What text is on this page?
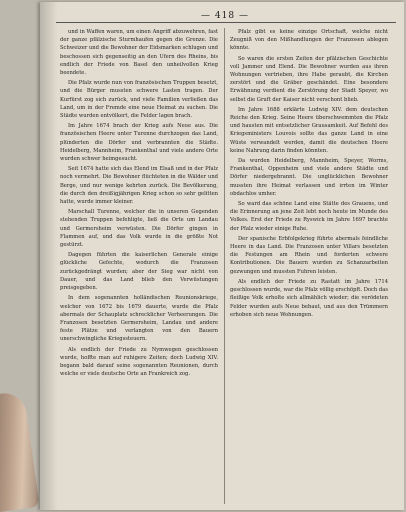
— 418 —

und in Waffen waren, um einen Angriff abzuwehren, fast der ganze pfälzische Sturmhaufen gegen die Grenze. Die Schweizer und die Bewohner der Eidsmarken schlugen und beschossen sich gegenseitig an den Ufern des Rheins, bis endlich der Friede von Basel den unheilvollen Krieg beendete.

Die Pfalz wurde nun von französischen Truppen besetzt, und die Bürger mussten schwere Lasten tragen. Der Kurfürst zog sich zurück, und viele Familien verließen das Land, um in der Fremde eine neue Heimat zu suchen. Die Städte wurden entvölkert, die Felder lagen brach.

Im Jahre 1674 brach der Krieg aufs Neue aus. Die französischen Heere unter Turenne durchzogen das Land, plünderten die Dörfer und verbrannten die Städte. Heidelberg, Mannheim, Frankenthal und viele andere Orte wurden schwer heimgesucht.

Seit 1674 hatte sich das Elend im Elsaß und in der Pfalz noch vermehrt. Die Bewohner flüchteten in die Wälder und Berge, und nur wenige kehrten zurück. Die Bevölkerung, die durch den dreißigjährigen Krieg schon so sehr gelitten hatte, wurde immer kleiner.

Marschall Turenne, welcher die in unseren Gegenden stehenden Truppen befehligte, ließ die Orte um Landau und Germersheim verwüsten. Die Dörfer gingen in Flammen auf, und das Volk wurde in die größte Not gestürzt.

Dagegen führten die kaiserlichen Generale einige glückliche Gefechte, wodurch die Franzosen zurückgedrängt wurden; aber der Sieg war nicht von Dauer, und das Land blieb den Verwüstungen preisgegeben.

In dem sogenannten holländischen Reunionskriege, welcher von 1672 bis 1679 dauerte, wurde die Pfalz abermals der Schauplatz schrecklicher Verheerungen. Die Franzosen besetzten Germersheim, Landau und andere feste Plätze und verlangten von den Bauern unerschwingliche Kriegssteuern.

Als endlich der Friede zu Nymwegen geschlossen wurde, hoffte man auf ruhigere Zeiten; doch Ludwig XIV. begann bald darauf seine sogenannten Reunionen, durch welche er viele deutsche Orte an Frankreich zog.

Pfalz gibt es keine einzige Ortschaft, welche nicht Zeugniß von den Mißhandlungen der Franzosen ablegen könnte.

So waren die ersten Zeiten der pfälzischen Geschichte voll Jammer und Elend. Die Bewohner wurden aus ihren Wohnungen vertrieben, ihre Habe geraubt, die Kirchen zerstört und die Gräber geschändet. Eine besondere Erwähnung verdient die Zerstörung der Stadt Speyer, wo selbst die Gruft der Kaiser nicht verschont blieb.

Im Jahre 1688 erklärte Ludwig XIV. dem deutschen Reiche den Krieg. Seine Heere überschwemmten die Pfalz und hausten mit entsetzlicher Grausamkeit. Auf Befehl des Kriegsministers Louvois sollte das ganze Land in eine Wüste verwandelt werden, damit die deutschen Heere keine Nahrung darin finden könnten.

Da wurden Heidelberg, Mannheim, Speyer, Worms, Frankenthal, Oppenheim und viele andere Städte und Dörfer niedergebrannt. Die unglücklichen Bewohner mussten ihre Heimat verlassen und irrten im Winter obdachlos umher.

So ward das schöne Land eine Stätte des Grauens, und die Erinnerung an jene Zeit lebt noch heute im Munde des Volkes. Erst der Friede zu Ryswick im Jahre 1697 brachte der Pfalz wieder einige Ruhe.

Der spanische Erbfolgekrieg führte abermals feindliche Heere in das Land. Die Franzosen unter Villars besetzten die Festungen am Rhein und forderten schwere Kontributionen. Die Bauern wurden zu Schanzarbeiten gezwungen und mussten Fuhren leisten.

Als endlich der Friede zu Rastatt im Jahre 1714 geschlossen wurde, war die Pfalz völlig erschöpft. Doch das fleißige Volk erholte sich allmählich wieder; die verödeten Felder wurden aufs Neue bebaut, und aus den Trümmern erhoben sich neue Wohnungen.
